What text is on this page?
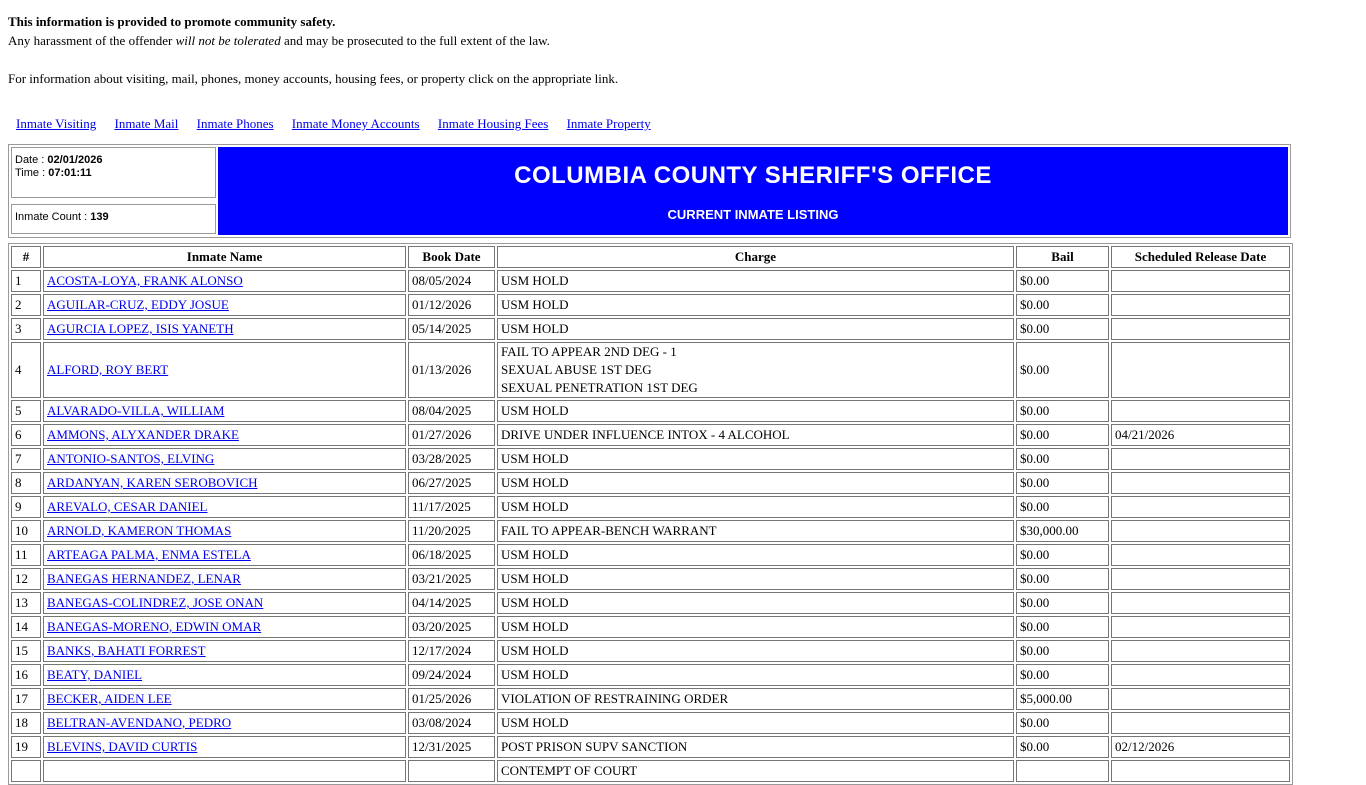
This information is provided to promote community safety.
Any harassment of the offender will not be tolerated and may be prosecuted to the full extent of the law.

For information about visiting, mail, phones, money accounts, housing fees, or property click on the appropriate link.

Inmate Visiting Inmate Mail Inmate Phones Inmate Money Accounts Inmate Housing Fees Inmate Property
Date : 02/01/2026
Time : 07:01:11
Inmate Count : 139

COLUMBIA COUNTY SHERIFF'S OFFICE
CURRENT INMATE LISTING
#	Inmate Name	Book Date	Charge	Bail	Scheduled Release Date
1	ACOSTA-LOYA, FRANK ALONSO	08/05/2024	USM HOLD	$0.00	
2	AGUILAR-CRUZ, EDDY JOSUE	01/12/2026	USM HOLD	$0.00	
3	AGURCIA LOPEZ, ISIS YANETH	05/14/2025	USM HOLD	$0.00	
4	ALFORD, ROY BERT	01/13/2026	FAIL TO APPEAR 2ND DEG - 1
SEXUAL ABUSE 1ST DEG
SEXUAL PENETRATION 1ST DEG	$0.00	
5	ALVARADO-VILLA, WILLIAM	08/04/2025	USM HOLD	$0.00	
6	AMMONS, ALYXANDER DRAKE	01/27/2026	DRIVE UNDER INFLUENCE INTOX - 4 ALCOHOL	$0.00	04/21/2026
7	ANTONIO-SANTOS, ELVING	03/28/2025	USM HOLD	$0.00	
8	ARDANYAN, KAREN SEROBOVICH	06/27/2025	USM HOLD	$0.00	
9	AREVALO, CESAR DANIEL	11/17/2025	USM HOLD	$0.00	
10	ARNOLD, KAMERON THOMAS	11/20/2025	FAIL TO APPEAR-BENCH WARRANT	$30,000.00	
11	ARTEAGA PALMA, ENMA ESTELA	06/18/2025	USM HOLD	$0.00	
12	BANEGAS HERNANDEZ, LENAR	03/21/2025	USM HOLD	$0.00	
13	BANEGAS-COLINDREZ, JOSE ONAN	04/14/2025	USM HOLD	$0.00	
14	BANEGAS-MORENO, EDWIN OMAR	03/20/2025	USM HOLD	$0.00	
15	BANKS, BAHATI FORREST	12/17/2024	USM HOLD	$0.00	
16	BEATY, DANIEL	09/24/2024	USM HOLD	$0.00	
17	BECKER, AIDEN LEE	01/25/2026	VIOLATION OF RESTRAINING ORDER	$5,000.00	
18	BELTRAN-AVENDANO, PEDRO	03/08/2024	USM HOLD	$0.00	
19	BLEVINS, DAVID CURTIS	12/31/2025	POST PRISON SUPV SANCTION	$0.00	02/12/2026

			CONTEMPT OF COURT		
